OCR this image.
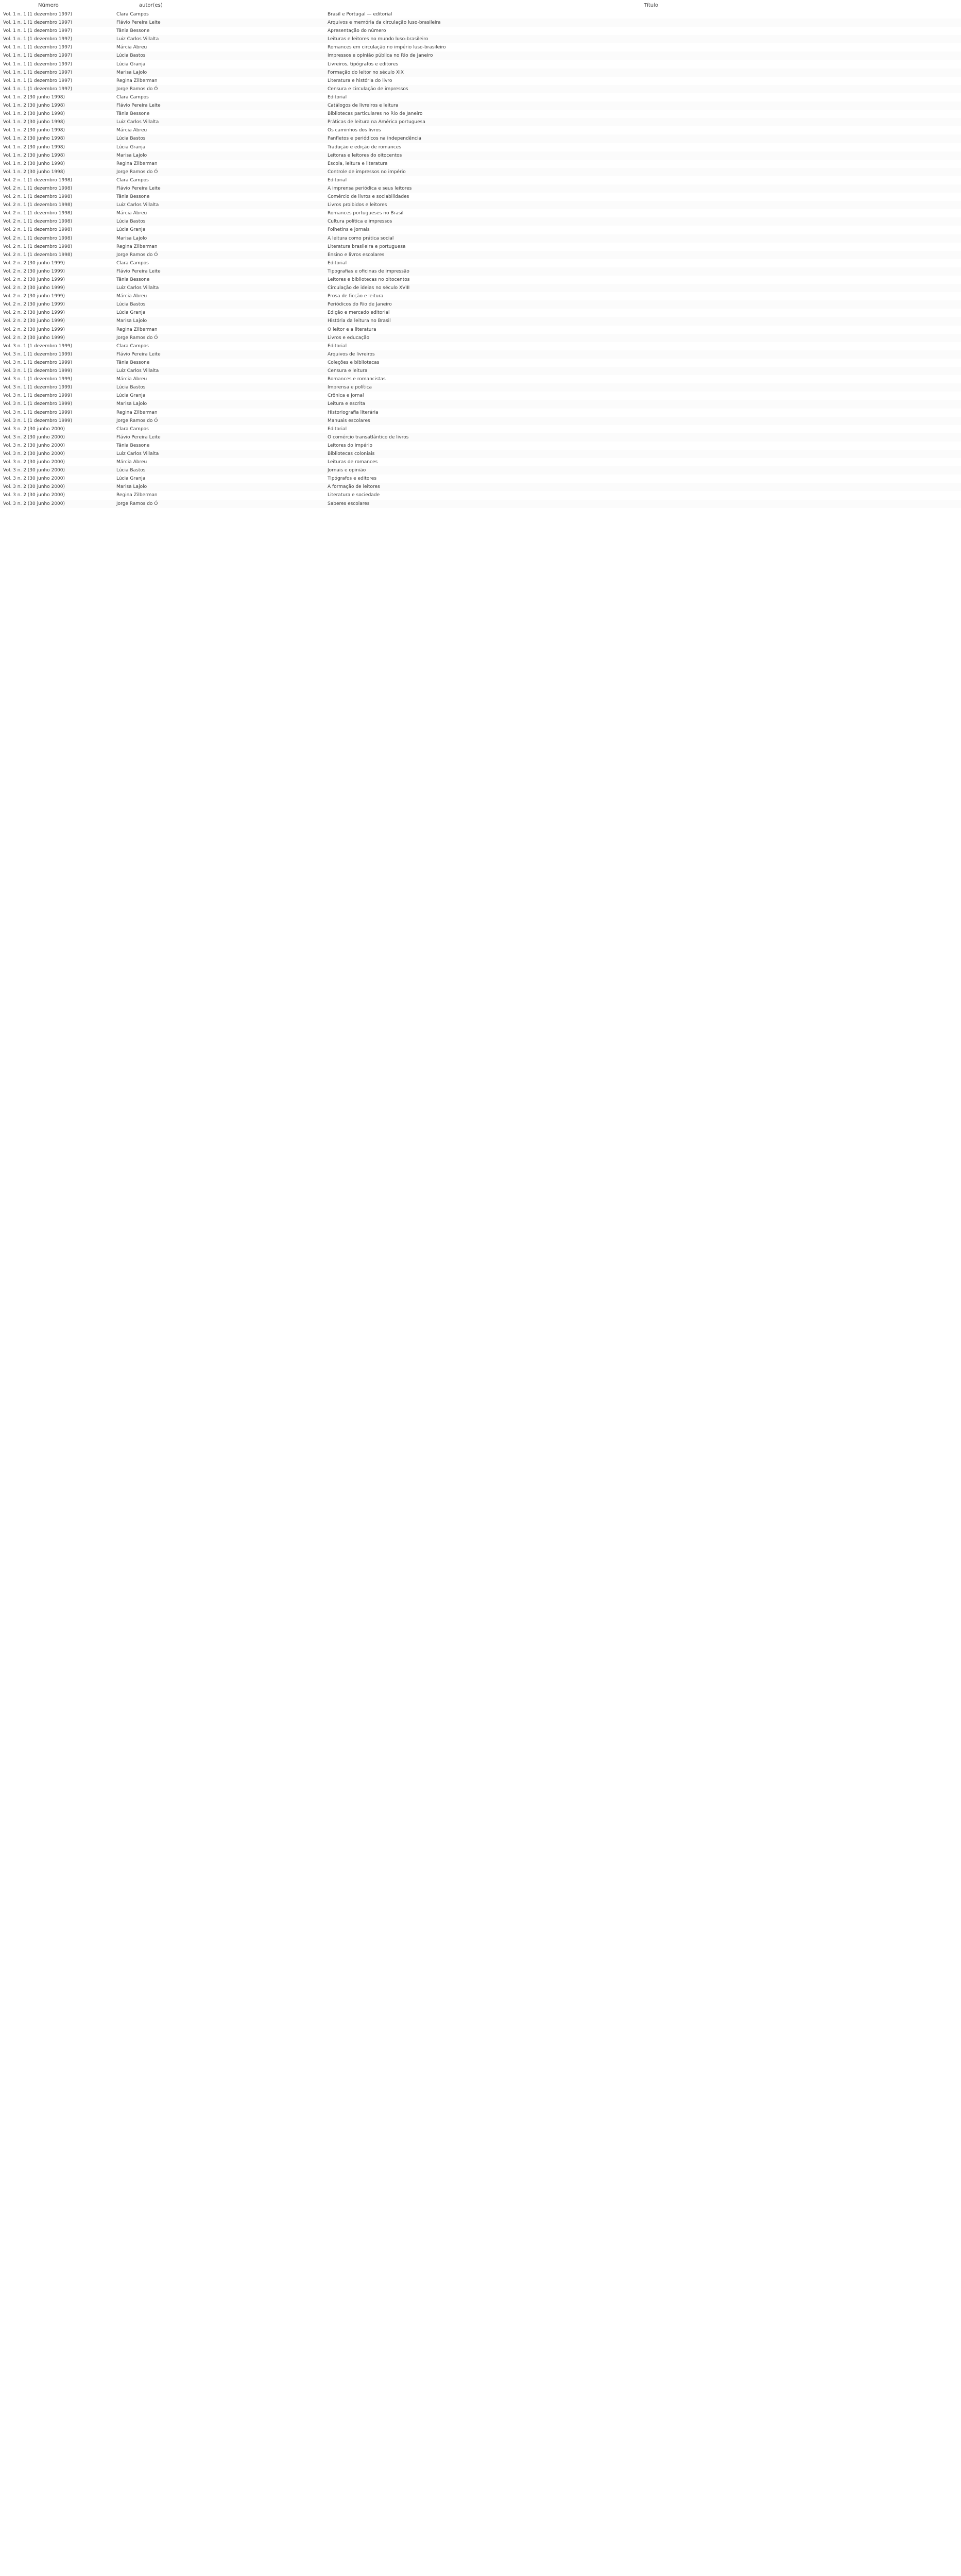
Número	autor(es)	Título
Vol. 1 n. 1 (1 dezembro 1997)	Clara Campos	Brasil e Portugal — editorial
Vol. 1 n. 1 (1 dezembro 1997)	Flávio Pereira Leite	Arquivos e memória da circulação luso-brasileira
Vol. 1 n. 1 (1 dezembro 1997)	Tânia Bessone	Apresentação do número
Vol. 1 n. 1 (1 dezembro 1997)	Luiz Carlos Villalta	Leituras e leitores no mundo luso-brasileiro
Vol. 1 n. 1 (1 dezembro 1997)	Márcia Abreu	Romances em circulação no império luso-brasileiro
Vol. 1 n. 1 (1 dezembro 1997)	Lúcia Bastos	Impressos e opinião pública no Rio de Janeiro
Vol. 1 n. 1 (1 dezembro 1997)	Lúcia Granja	Livreiros, tipógrafos e editores
Vol. 1 n. 1 (1 dezembro 1997)	Marisa Lajolo	Formação do leitor no século XIX
Vol. 1 n. 1 (1 dezembro 1997)	Regina Zilberman	Literatura e história do livro
Vol. 1 n. 1 (1 dezembro 1997)	Jorge Ramos do Ó	Censura e circulação de impressos
Vol. 1 n. 2 (30 junho 1998)	Clara Campos	Editorial
Vol. 1 n. 2 (30 junho 1998)	Flávio Pereira Leite	Catálogos de livreiros e leitura
Vol. 1 n. 2 (30 junho 1998)	Tânia Bessone	Bibliotecas particulares no Rio de Janeiro
Vol. 1 n. 2 (30 junho 1998)	Luiz Carlos Villalta	Práticas de leitura na América portuguesa
Vol. 1 n. 2 (30 junho 1998)	Márcia Abreu	Os caminhos dos livros
Vol. 1 n. 2 (30 junho 1998)	Lúcia Bastos	Panfletos e periódicos na independência
Vol. 1 n. 2 (30 junho 1998)	Lúcia Granja	Tradução e edição de romances
Vol. 1 n. 2 (30 junho 1998)	Marisa Lajolo	Leitoras e leitores do oitocentos
Vol. 1 n. 2 (30 junho 1998)	Regina Zilberman	Escola, leitura e literatura
Vol. 1 n. 2 (30 junho 1998)	Jorge Ramos do Ó	Controle de impressos no império
Vol. 2 n. 1 (1 dezembro 1998)	Clara Campos	Editorial
Vol. 2 n. 1 (1 dezembro 1998)	Flávio Pereira Leite	A imprensa periódica e seus leitores
Vol. 2 n. 1 (1 dezembro 1998)	Tânia Bessone	Comércio de livros e sociabilidades
Vol. 2 n. 1 (1 dezembro 1998)	Luiz Carlos Villalta	Livros proibidos e leitores
Vol. 2 n. 1 (1 dezembro 1998)	Márcia Abreu	Romances portugueses no Brasil
Vol. 2 n. 1 (1 dezembro 1998)	Lúcia Bastos	Cultura política e impressos
Vol. 2 n. 1 (1 dezembro 1998)	Lúcia Granja	Folhetins e jornais
Vol. 2 n. 1 (1 dezembro 1998)	Marisa Lajolo	A leitura como prática social
Vol. 2 n. 1 (1 dezembro 1998)	Regina Zilberman	Literatura brasileira e portuguesa
Vol. 2 n. 1 (1 dezembro 1998)	Jorge Ramos do Ó	Ensino e livros escolares
Vol. 2 n. 2 (30 junho 1999)	Clara Campos	Editorial
Vol. 2 n. 2 (30 junho 1999)	Flávio Pereira Leite	Tipografias e oficinas de impressão
Vol. 2 n. 2 (30 junho 1999)	Tânia Bessone	Leitores e bibliotecas no oitocentos
Vol. 2 n. 2 (30 junho 1999)	Luiz Carlos Villalta	Circulação de ideias no século XVIII
Vol. 2 n. 2 (30 junho 1999)	Márcia Abreu	Prosa de ficção e leitura
Vol. 2 n. 2 (30 junho 1999)	Lúcia Bastos	Periódicos do Rio de Janeiro
Vol. 2 n. 2 (30 junho 1999)	Lúcia Granja	Edição e mercado editorial
Vol. 2 n. 2 (30 junho 1999)	Marisa Lajolo	História da leitura no Brasil
Vol. 2 n. 2 (30 junho 1999)	Regina Zilberman	O leitor e a literatura
Vol. 2 n. 2 (30 junho 1999)	Jorge Ramos do Ó	Livros e educação
Vol. 3 n. 1 (1 dezembro 1999)	Clara Campos	Editorial
Vol. 3 n. 1 (1 dezembro 1999)	Flávio Pereira Leite	Arquivos de livreiros
Vol. 3 n. 1 (1 dezembro 1999)	Tânia Bessone	Coleções e bibliotecas
Vol. 3 n. 1 (1 dezembro 1999)	Luiz Carlos Villalta	Censura e leitura
Vol. 3 n. 1 (1 dezembro 1999)	Márcia Abreu	Romances e romancistas
Vol. 3 n. 1 (1 dezembro 1999)	Lúcia Bastos	Imprensa e política
Vol. 3 n. 1 (1 dezembro 1999)	Lúcia Granja	Crônica e jornal
Vol. 3 n. 1 (1 dezembro 1999)	Marisa Lajolo	Leitura e escrita
Vol. 3 n. 1 (1 dezembro 1999)	Regina Zilberman	Historiografia literária
Vol. 3 n. 1 (1 dezembro 1999)	Jorge Ramos do Ó	Manuais escolares
Vol. 3 n. 2 (30 junho 2000)	Clara Campos	Editorial
Vol. 3 n. 2 (30 junho 2000)	Flávio Pereira Leite	O comércio transatlântico de livros
Vol. 3 n. 2 (30 junho 2000)	Tânia Bessone	Leitores do Império
Vol. 3 n. 2 (30 junho 2000)	Luiz Carlos Villalta	Bibliotecas coloniais
Vol. 3 n. 2 (30 junho 2000)	Márcia Abreu	Leituras de romances
Vol. 3 n. 2 (30 junho 2000)	Lúcia Bastos	Jornais e opinião
Vol. 3 n. 2 (30 junho 2000)	Lúcia Granja	Tipógrafos e editores
Vol. 3 n. 2 (30 junho 2000)	Marisa Lajolo	A formação de leitores
Vol. 3 n. 2 (30 junho 2000)	Regina Zilberman	Literatura e sociedade
Vol. 3 n. 2 (30 junho 2000)	Jorge Ramos do Ó	Saberes escolares
